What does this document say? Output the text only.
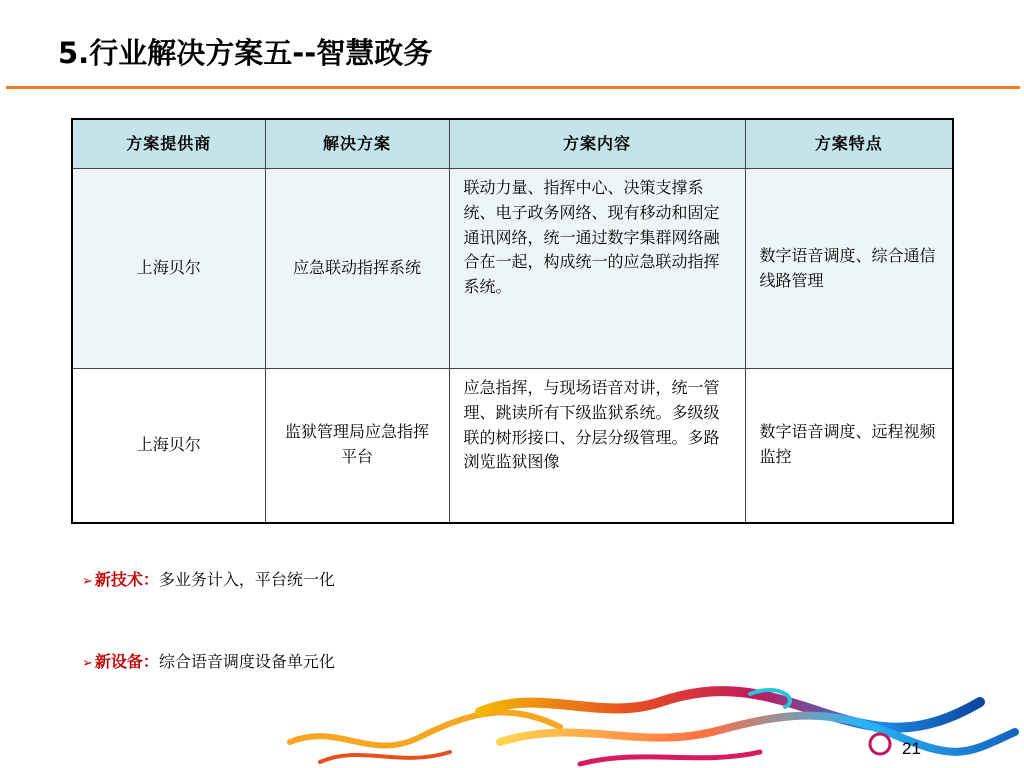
5.行业解决方案五--智慧政务
方案提供商	解决方案	方案内容	方案特点
上海贝尔	应急联动指挥系统	联动力量、指挥中心、决策支撑系统、电子政务网络、现有移动和固定通讯网络，统一通过数字集群网络融合在一起，构成统一的应急联动指挥系统。	数字语音调度、综合通信线路管理
上海贝尔	监狱管理局应急指挥平台	应急指挥，与现场语音对讲，统一管理、跳读所有下级监狱系统。多级级联的树形接口、分层分级管理。多路浏览监狱图像	数字语音调度、远程视频监控
➢ 新技术：多业务计入，平台统一化
➢ 新设备：综合语音调度设备单元化
21
